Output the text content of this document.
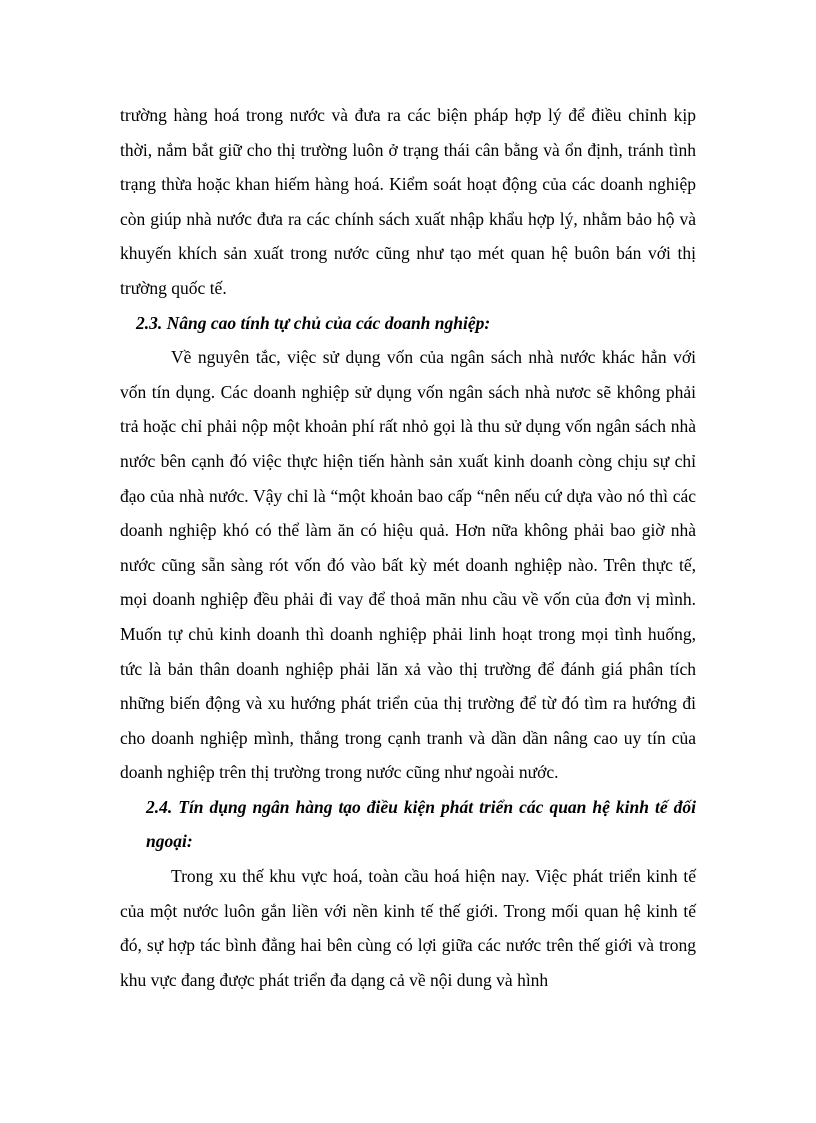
trường hàng hoá trong nước và đưa ra các biện pháp hợp lý để điều chỉnh kịp thời, nắm bắt giữ cho thị trường luôn ở trạng thái cân bằng và ổn định, tránh tình trạng thừa hoặc khan hiếm hàng hoá. Kiểm soát hoạt động của các doanh nghiệp còn giúp nhà nước đưa ra các chính sách xuất nhập khẩu hợp lý, nhằm bảo hộ và khuyến khích sản xuất trong nước cũng như tạo mét quan hệ buôn bán với thị trường quốc tế.

2.3. Nâng cao tính tự chủ của các doanh nghiệp:

Về nguyên tắc, việc sử dụng vốn của ngân sách nhà nước khác hẳn với vốn tín dụng. Các doanh nghiệp sử dụng vốn ngân sách nhà nươc sẽ không phải trả hoặc chỉ phải nộp một khoản phí rất nhỏ gọi là thu sử dụng vốn ngân sách nhà nước bên cạnh đó việc thực hiện tiến hành sản xuất kinh doanh còng chịu sự chỉ đạo của nhà nước. Vậy chỉ là “một khoản bao cấp “nên nếu cứ dựa vào nó thì các doanh nghiệp khó có thể làm ăn có hiệu quả. Hơn nữa không phải bao giờ nhà nước cũng sẵn sàng rót vốn đó vào bất kỳ mét doanh nghiệp nào. Trên thực tế, mọi doanh nghiệp đều phải đi vay để thoả mãn nhu cầu về vốn của đơn vị mình. Muốn tự chủ kinh doanh thì doanh nghiệp phải linh hoạt trong mọi tình huống, tức là bản thân doanh nghiệp phải lăn xả vào thị trường để đánh giá phân tích những biến động và xu hướng phát triển của thị trường để từ đó tìm ra hướng đi cho doanh nghiệp mình, thắng trong cạnh tranh và dần dần nâng cao uy tín của doanh nghiệp trên thị trường trong nước cũng như ngoài nước.

2.4. Tín dụng ngân hàng tạo điều kiện phát triển các quan hệ kinh tế đối ngoại:

Trong xu thế khu vực hoá, toàn cầu hoá hiện nay. Việc phát triển kinh tế của một nước luôn gắn liền với nền kinh tế thế giới. Trong mối quan hệ kinh tế đó, sự hợp tác bình đẳng hai bên cùng có lợi giữa các nước trên thế giới và trong khu vực đang được phát triển đa dạng cả về nội dung và hình
